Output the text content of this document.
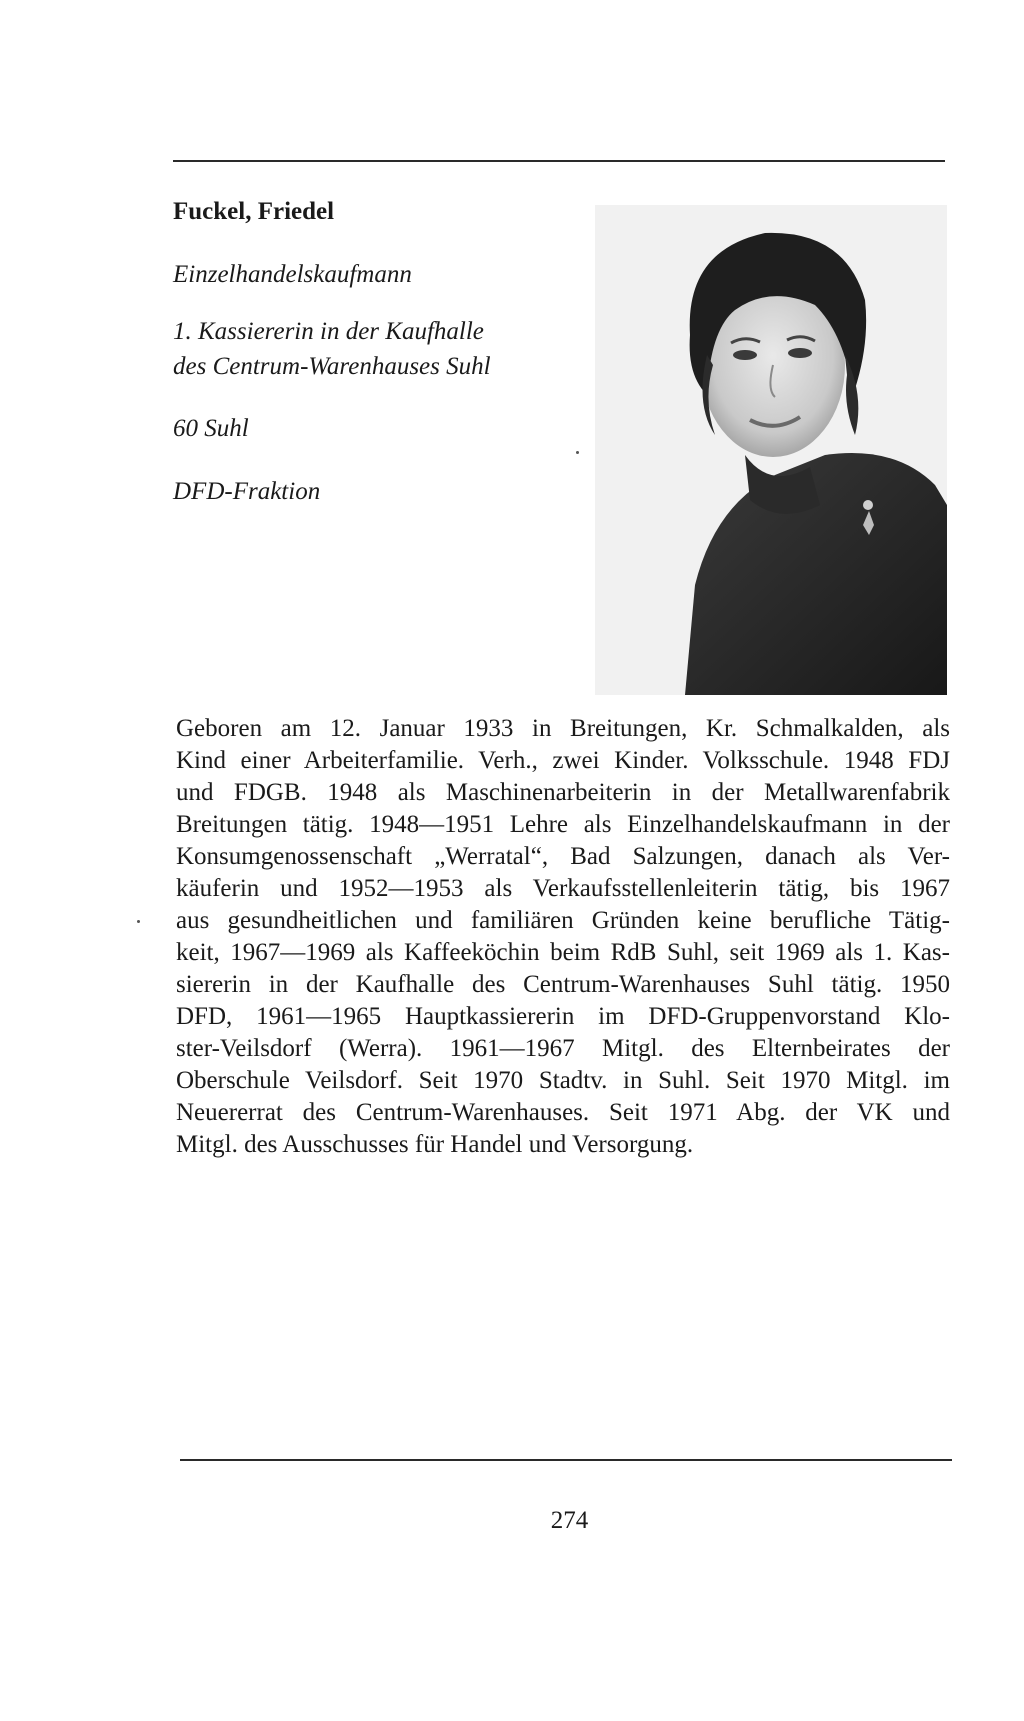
Fuckel, Friedel
Einzelhandelskaufmann
1. Kassiererin in der Kaufhalle
des Centrum-Warenhauses Suhl
60 Suhl
DFD-Fraktion
Geboren am 12. Januar 1933 in Breitungen, Kr. Schmalkalden, als
Kind einer Arbeiterfamilie. Verh., zwei Kinder. Volksschule. 1948 FDJ
und FDGB. 1948 als Maschinenarbeiterin in der Metallwarenfabrik
Breitungen tätig. 1948—1951 Lehre als Einzelhandelskaufmann in der
Konsumgenossenschaft „Werratal“, Bad Salzungen, danach als Ver-
käuferin und 1952—1953 als Verkaufsstellenleiterin tätig, bis 1967
aus gesundheitlichen und familiären Gründen keine berufliche Tätig-
keit, 1967—1969 als Kaffeeköchin beim RdB Suhl, seit 1969 als 1. Kas-
siererin in der Kaufhalle des Centrum-Warenhauses Suhl tätig. 1950
DFD, 1961—1965 Hauptkassiererin im DFD-Gruppenvorstand Klo-
ster-Veilsdorf (Werra). 1961—1967 Mitgl. des Elternbeirates der
Oberschule Veilsdorf. Seit 1970 Stadtv. in Suhl. Seit 1970 Mitgl. im
Neuererrat des Centrum-Warenhauses. Seit 1971 Abg. der VK und
Mitgl. des Ausschusses für Handel und Versorgung.
274
